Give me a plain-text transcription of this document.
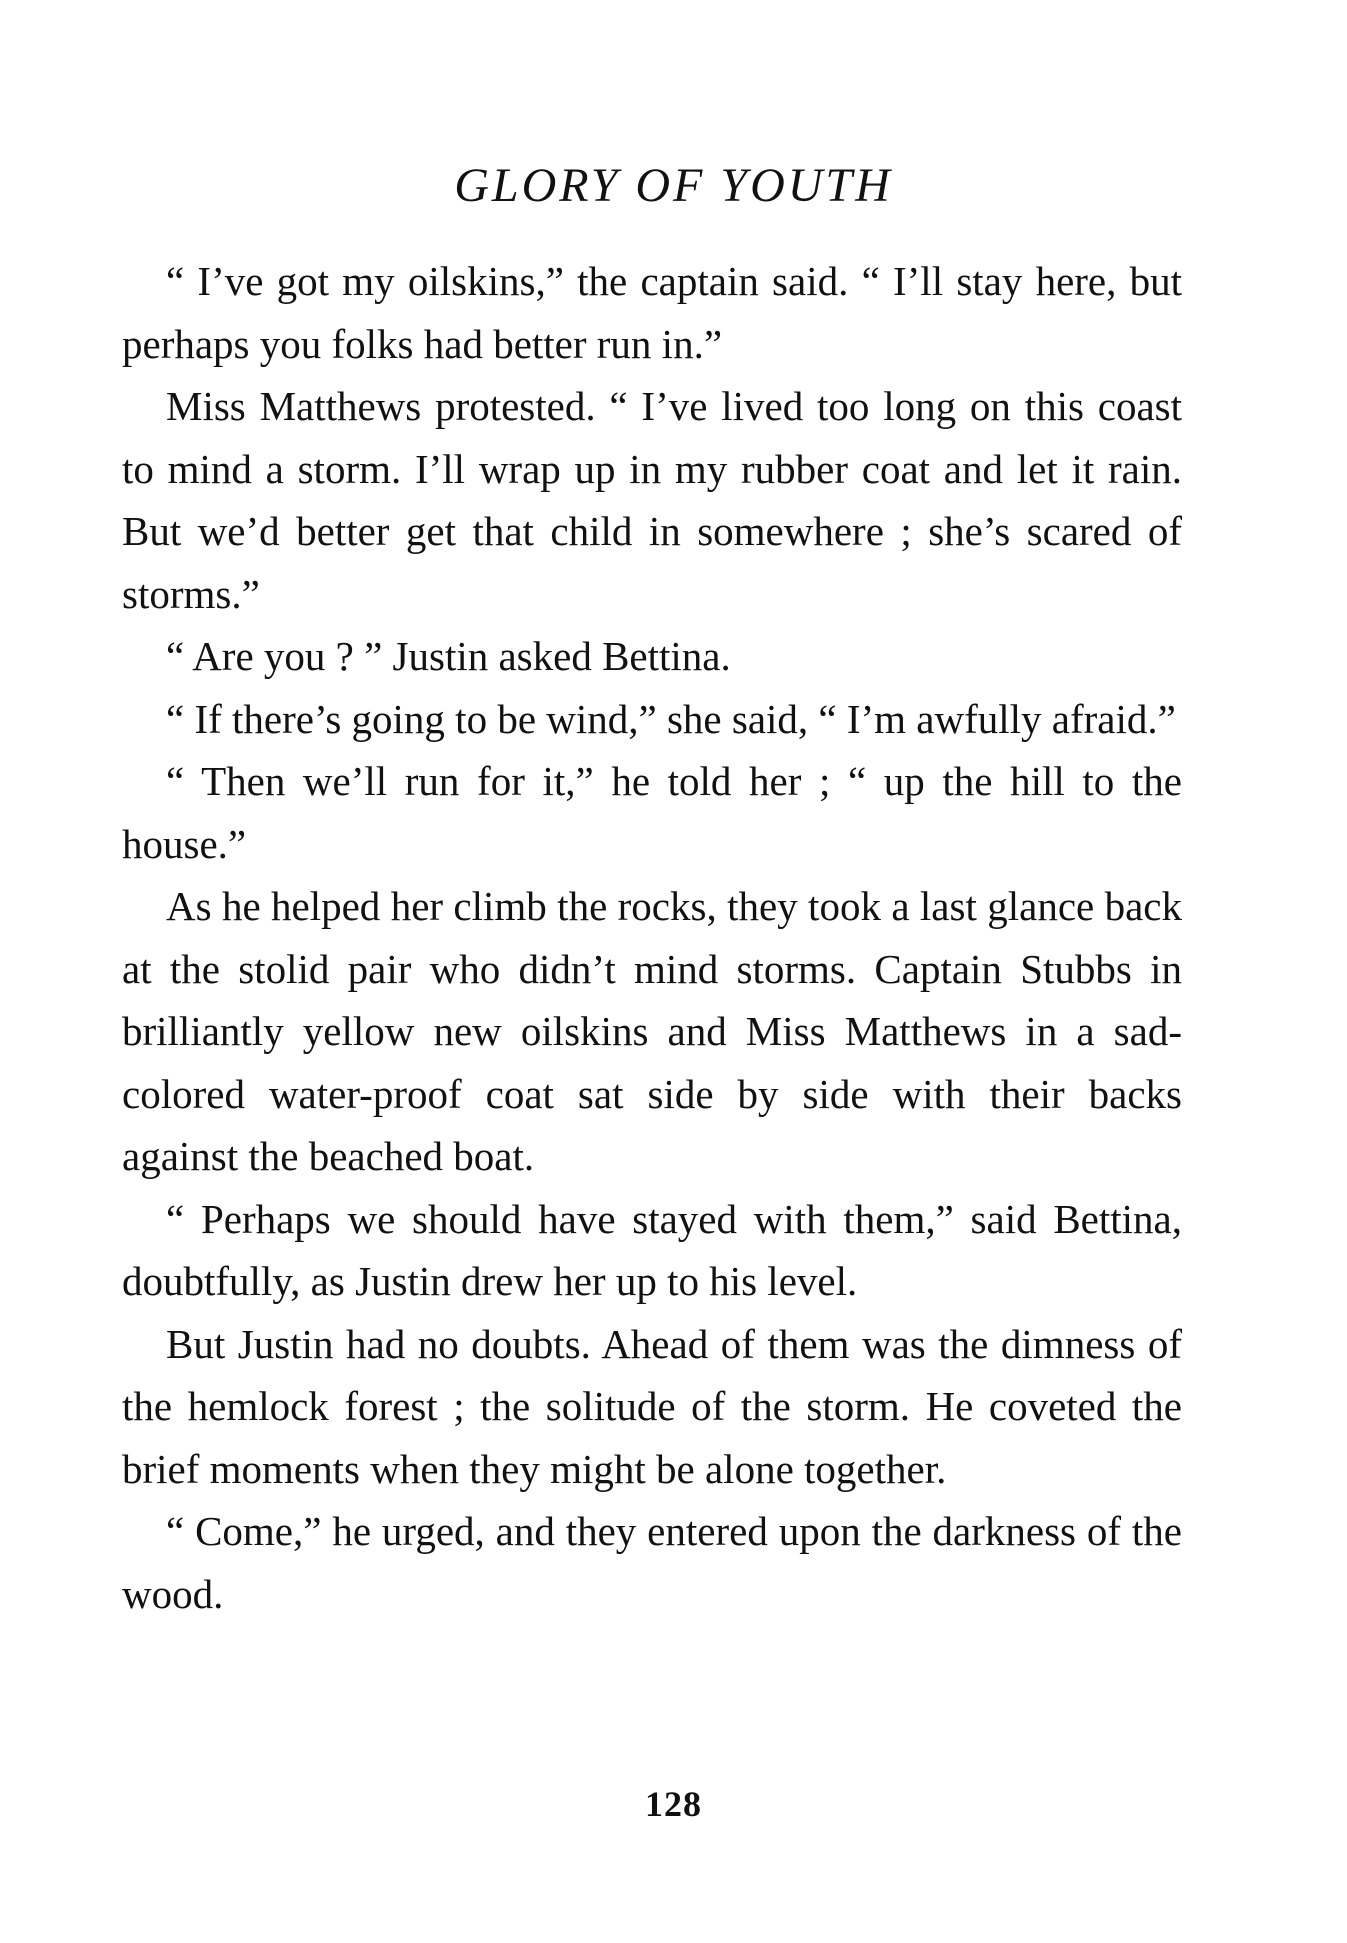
GLORY OF YOUTH

“ I’ve got my oilskins,” the captain said. “ I’ll stay here, but perhaps you folks had better run in.”

Miss Matthews protested. “ I’ve lived too long on this coast to mind a storm. I’ll wrap up in my rubber coat and let it rain. But we’d better get that child in somewhere ; she’s scared of storms.”

“ Are you ? ” Justin asked Bettina.

“ If there’s going to be wind,” she said, “ I’m awfully afraid.”

“ Then we’ll run for it,” he told her ; “ up the hill to the house.”

As he helped her climb the rocks, they took a last glance back at the stolid pair who didn’t mind storms. Captain Stubbs in brilliantly yellow new oilskins and Miss Matthews in a sad-colored water-proof coat sat side by side with their backs against the beached boat.

“ Perhaps we should have stayed with them,” said Bettina, doubtfully, as Justin drew her up to his level.

But Justin had no doubts. Ahead of them was the dimness of the hemlock forest ; the solitude of the storm. He coveted the brief moments when they might be alone together.

“ Come,” he urged, and they entered upon the darkness of the wood.

128
